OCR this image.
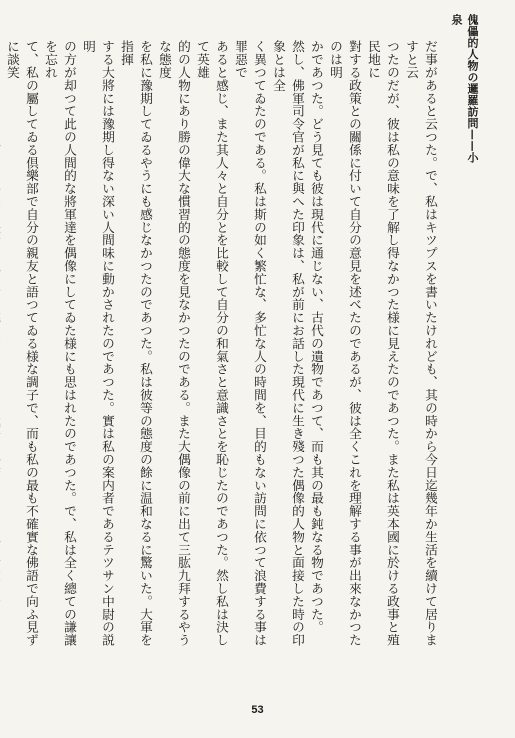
傀儡的人物の邏羅訪問——小泉
だ事があると云つた。で、私はキツプスを書いたけれども、其の時から今日迄幾年か生活を續けて居りますと云
つたのだが、彼は私の意味を了解し得なかつた様に見えたのであつた。また私は英本國に於ける政事と殖民地に
對する政策との關係に付いて自分の意見を述べたのであるが、彼は全くこれを理解する事が出來なかつたのは明
かであつた。どう見ても彼は現代に通じない、古代の遺物であつて、而も其の最も鈍なる物であつた。
然し、佛軍司令官が私に與へた印象は、私が前にお話した現代に生き殘つた偶像的人物と面接した時の印象とは全
く異つてゐたのである。私は斯の如く繁忙な、多忙な人の時間を、目的もない訪問に依つて浪費する事は罪惡で
あると感じ、また其人々と自分とを比較して自分の和氣さと意識さとを恥じたのであつた。然し私は決して英雄
的の人物にあり勝の偉大な慣習的の態度を見なかつたのである。また大偶像の前に出て三肱九拜するやうな態度
を私に豫期してゐるやうにも感じなかつたのであつた。私は彼等の態度の餘に温和なるに驚いた。大軍を指揮
する大將には豫期し得ない深い人間味に動かされたのであつた。實は私の案内者であるテツサン中尉の説明
の方が却つて此の人間的な將軍達を偶像にしてゐた様にも思はれたのであつた。で、私は全く總ての謙讓を忘れ
て、私の屬してゐる倶樂部で自分の親友と語つてゐる様な調子で、而も私の最も不確實な佛語で向ふ見ずに談笑
53
